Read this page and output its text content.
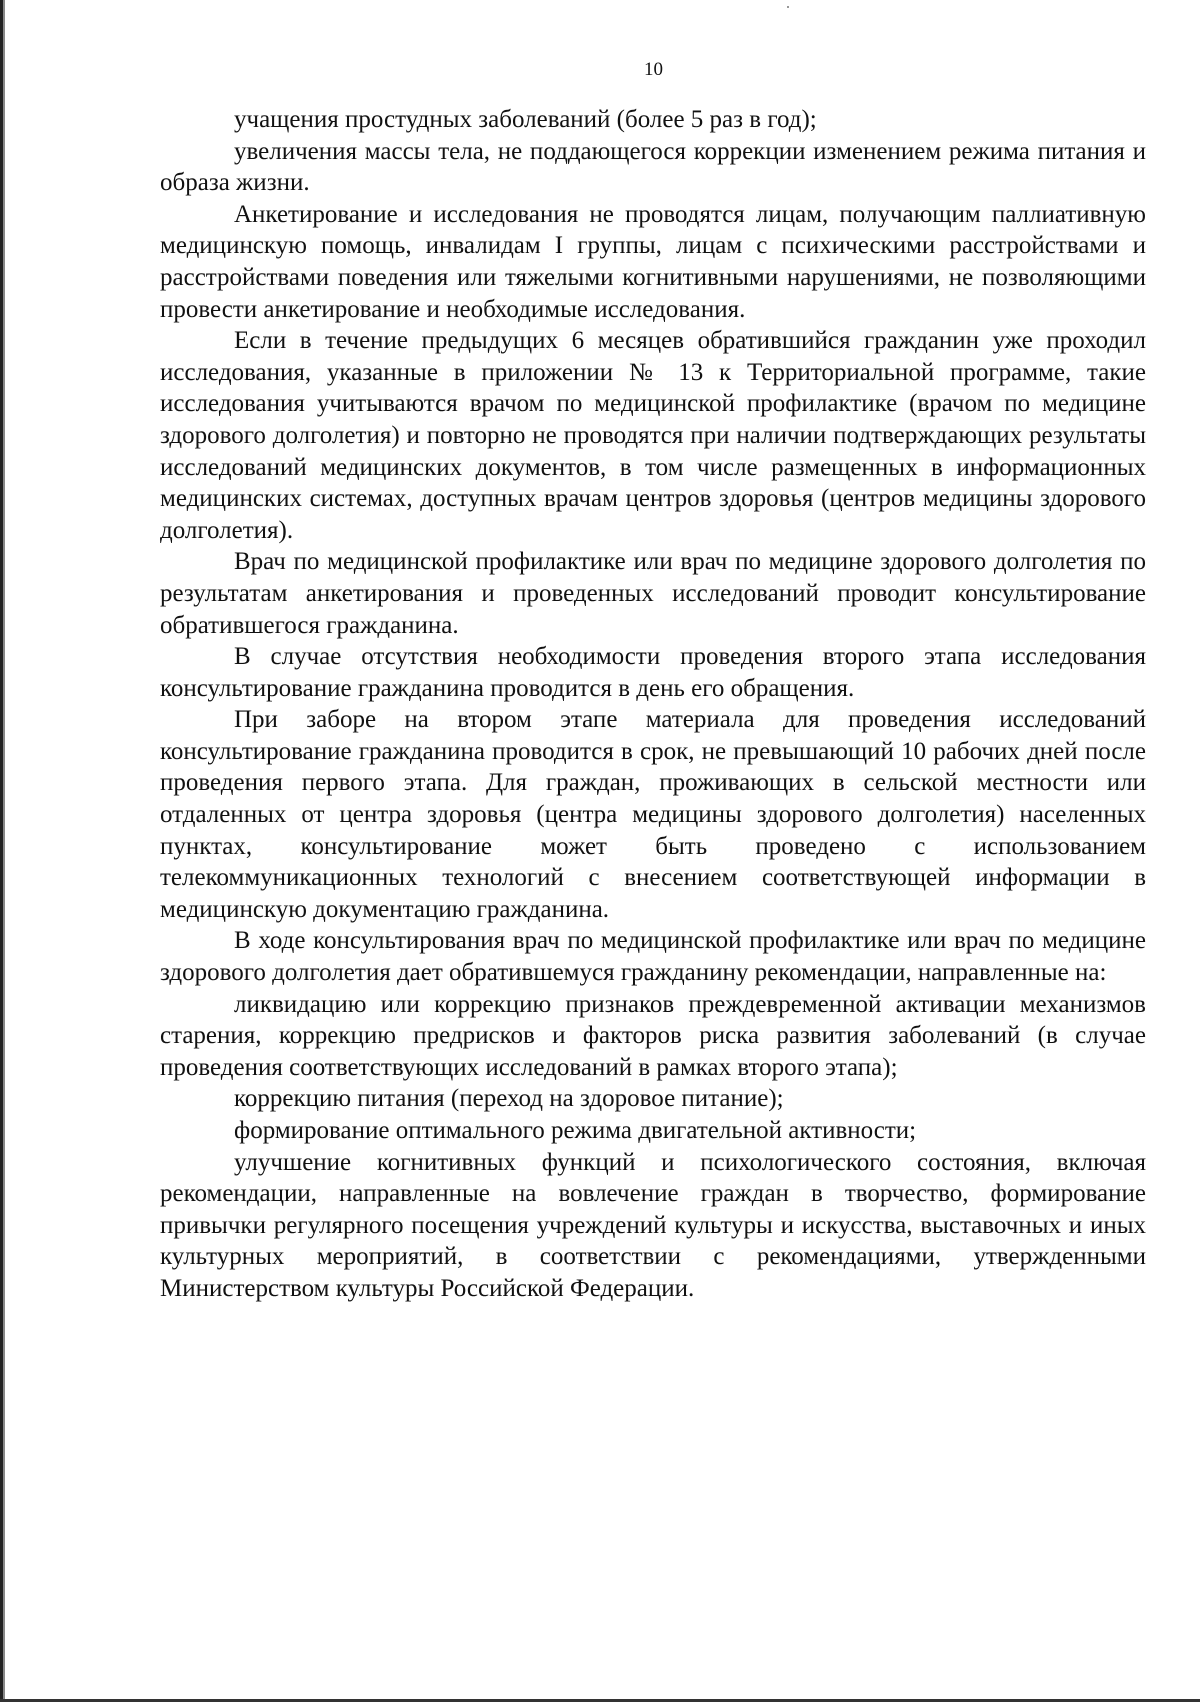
10

учащения простудных заболеваний (более 5 раз в год);

увеличения массы тела, не поддающегося коррекции изменением режима питания и образа жизни.

Анкетирование и исследования не проводятся лицам, получающим паллиативную медицинскую помощь, инвалидам I группы, лицам с психическими расстройствами и расстройствами поведения или тяжелыми когнитивными нарушениями, не позволяющими провести анкетирование и необходимые исследования.

Если в течение предыдущих 6 месяцев обратившийся гражданин уже проходил исследования, указанные в приложении № 13 к Территориальной программе, такие исследования учитываются врачом по медицинской профилактике (врачом по медицине здорового долголетия) и повторно не проводятся при наличии подтверждающих результаты исследований медицинских документов, в том числе размещенных в информационных медицинских системах, доступных врачам центров здоровья (центров медицины здорового долголетия).

Врач по медицинской профилактике или врач по медицине здорового долголетия по результатам анкетирования и проведенных исследований проводит консультирование обратившегося гражданина.

В случае отсутствия необходимости проведения второго этапа исследования консультирование гражданина проводится в день его обращения.

При заборе на втором этапе материала для проведения исследований консультирование гражданина проводится в срок, не превышающий 10 рабочих дней после проведения первого этапа. Для граждан, проживающих в сельской местности или отдаленных от центра здоровья (центра медицины здорового долголетия) населенных пунктах, консультирование может быть проведено с использованием телекоммуникационных технологий с внесением соответствующей информации в медицинскую документацию гражданина.

В ходе консультирования врач по медицинской профилактике или врач по медицине здорового долголетия дает обратившемуся гражданину рекомендации, направленные на:

ликвидацию или коррекцию признаков преждевременной активации механизмов старения, коррекцию предрисков и факторов риска развития заболеваний (в случае проведения соответствующих исследований в рамках второго этапа);

коррекцию питания (переход на здоровое питание);

формирование оптимального режима двигательной активности;

улучшение когнитивных функций и психологического состояния, включая рекомендации, направленные на вовлечение граждан в творчество, формирование привычки регулярного посещения учреждений культуры и искусства, выставочных и иных культурных мероприятий, в соответствии с рекомендациями, утвержденными Министерством культуры Российской Федерации.
